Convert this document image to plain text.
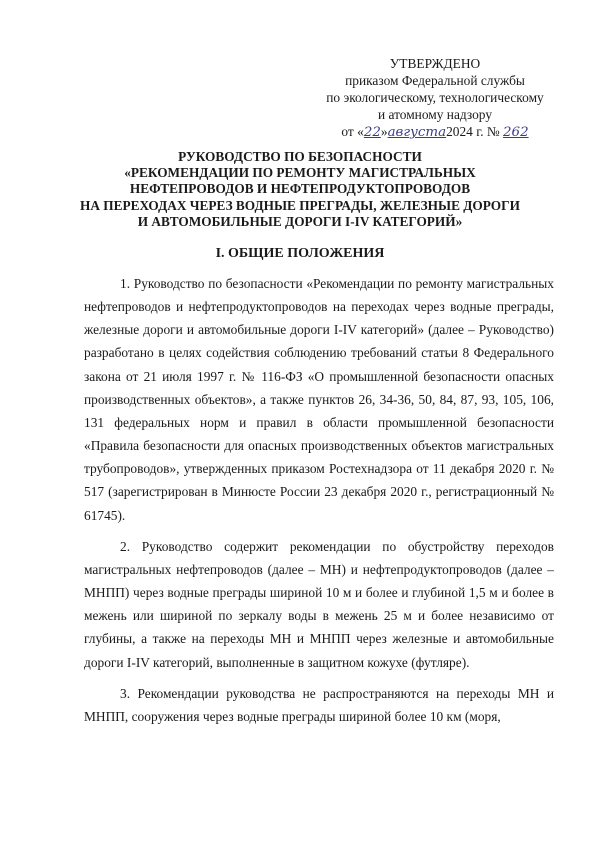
УТВЕРЖДЕНО
приказом Федеральной службы
по экологическому, технологическому
и атомному надзору
от «22»августа2024 г. № 262
РУКОВОДСТВО ПО БЕЗОПАСНОСТИ
«РЕКОМЕНДАЦИИ ПО РЕМОНТУ МАГИСТРАЛЬНЫХ
НЕФТЕПРОВОДОВ И НЕФТЕПРОДУКТОПРОВОДОВ
НА ПЕРЕХОДАХ ЧЕРЕЗ ВОДНЫЕ ПРЕГРАДЫ, ЖЕЛЕЗНЫЕ ДОРОГИ
И АВТОМОБИЛЬНЫЕ ДОРОГИ I-IV КАТЕГОРИЙ»
I. ОБЩИЕ ПОЛОЖЕНИЯ

1. Руководство по безопасности «Рекомендации по ремонту магистральных нефтепроводов и нефтепродуктопроводов на переходах через водные преграды, железные дороги и автомобильные дороги I-IV категорий» (далее – Руководство) разработано в целях содействия соблюдению требований статьи 8 Федерального закона от 21 июля 1997 г. № 116-ФЗ «О промышленной безопасности опасных производственных объектов», а также пунктов 26, 34-36, 50, 84, 87, 93, 105, 106, 131 федеральных норм и правил в области промышленной безопасности «Правила безопасности для опасных производственных объектов магистральных трубопроводов», утвержденных приказом Ростехнадзора от 11 декабря 2020 г. № 517 (зарегистрирован в Минюсте России 23 декабря 2020 г., регистрационный № 61745).

2. Руководство содержит рекомендации по обустройству переходов магистральных нефтепроводов (далее – МН) и нефтепродуктопроводов (далее – МНПП) через водные преграды шириной 10 м и более и глубиной 1,5 м и более в межень или шириной по зеркалу воды в межень 25 м и более независимо от глубины, а также на переходы МН и МНПП через железные и автомобильные дороги I-IV категорий, выполненные в защитном кожухе (футляре).

3. Рекомендации руководства не распространяются на переходы МН и МНПП, сооружения через водные преграды шириной более 10 км (моря,
